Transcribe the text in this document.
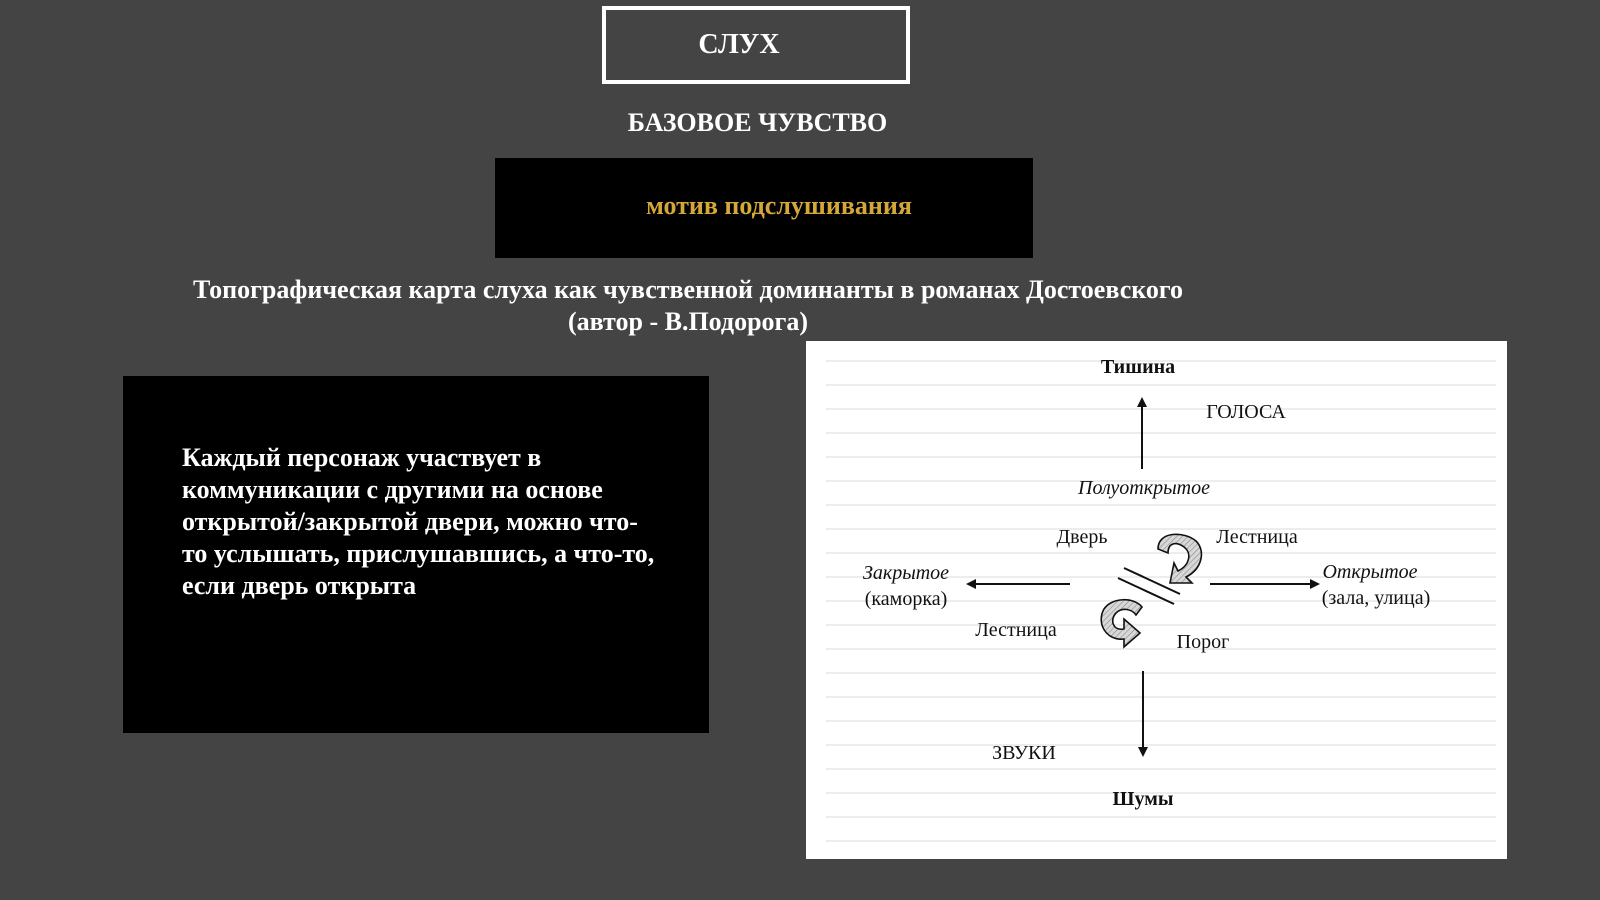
СЛУХ
БАЗОВОЕ ЧУВСТВО
мотив подслушивания
Топографическая карта слуха как чувственной доминанты в романах Достоевского
(автор - В.Подорога)
Каждый персонаж участвует в коммуникации с другими на основе открытой/закрытой двери, можно что-то услышать, прислушавшись, а что-то, если дверь открыта
Тишина
ГОЛОСА
Полуоткрытое
Дверь	Лестница
Закрытое
(каморка)
Открытое
(зала, улица)
Лестница
Порог
ЗВУКИ
Шумы
